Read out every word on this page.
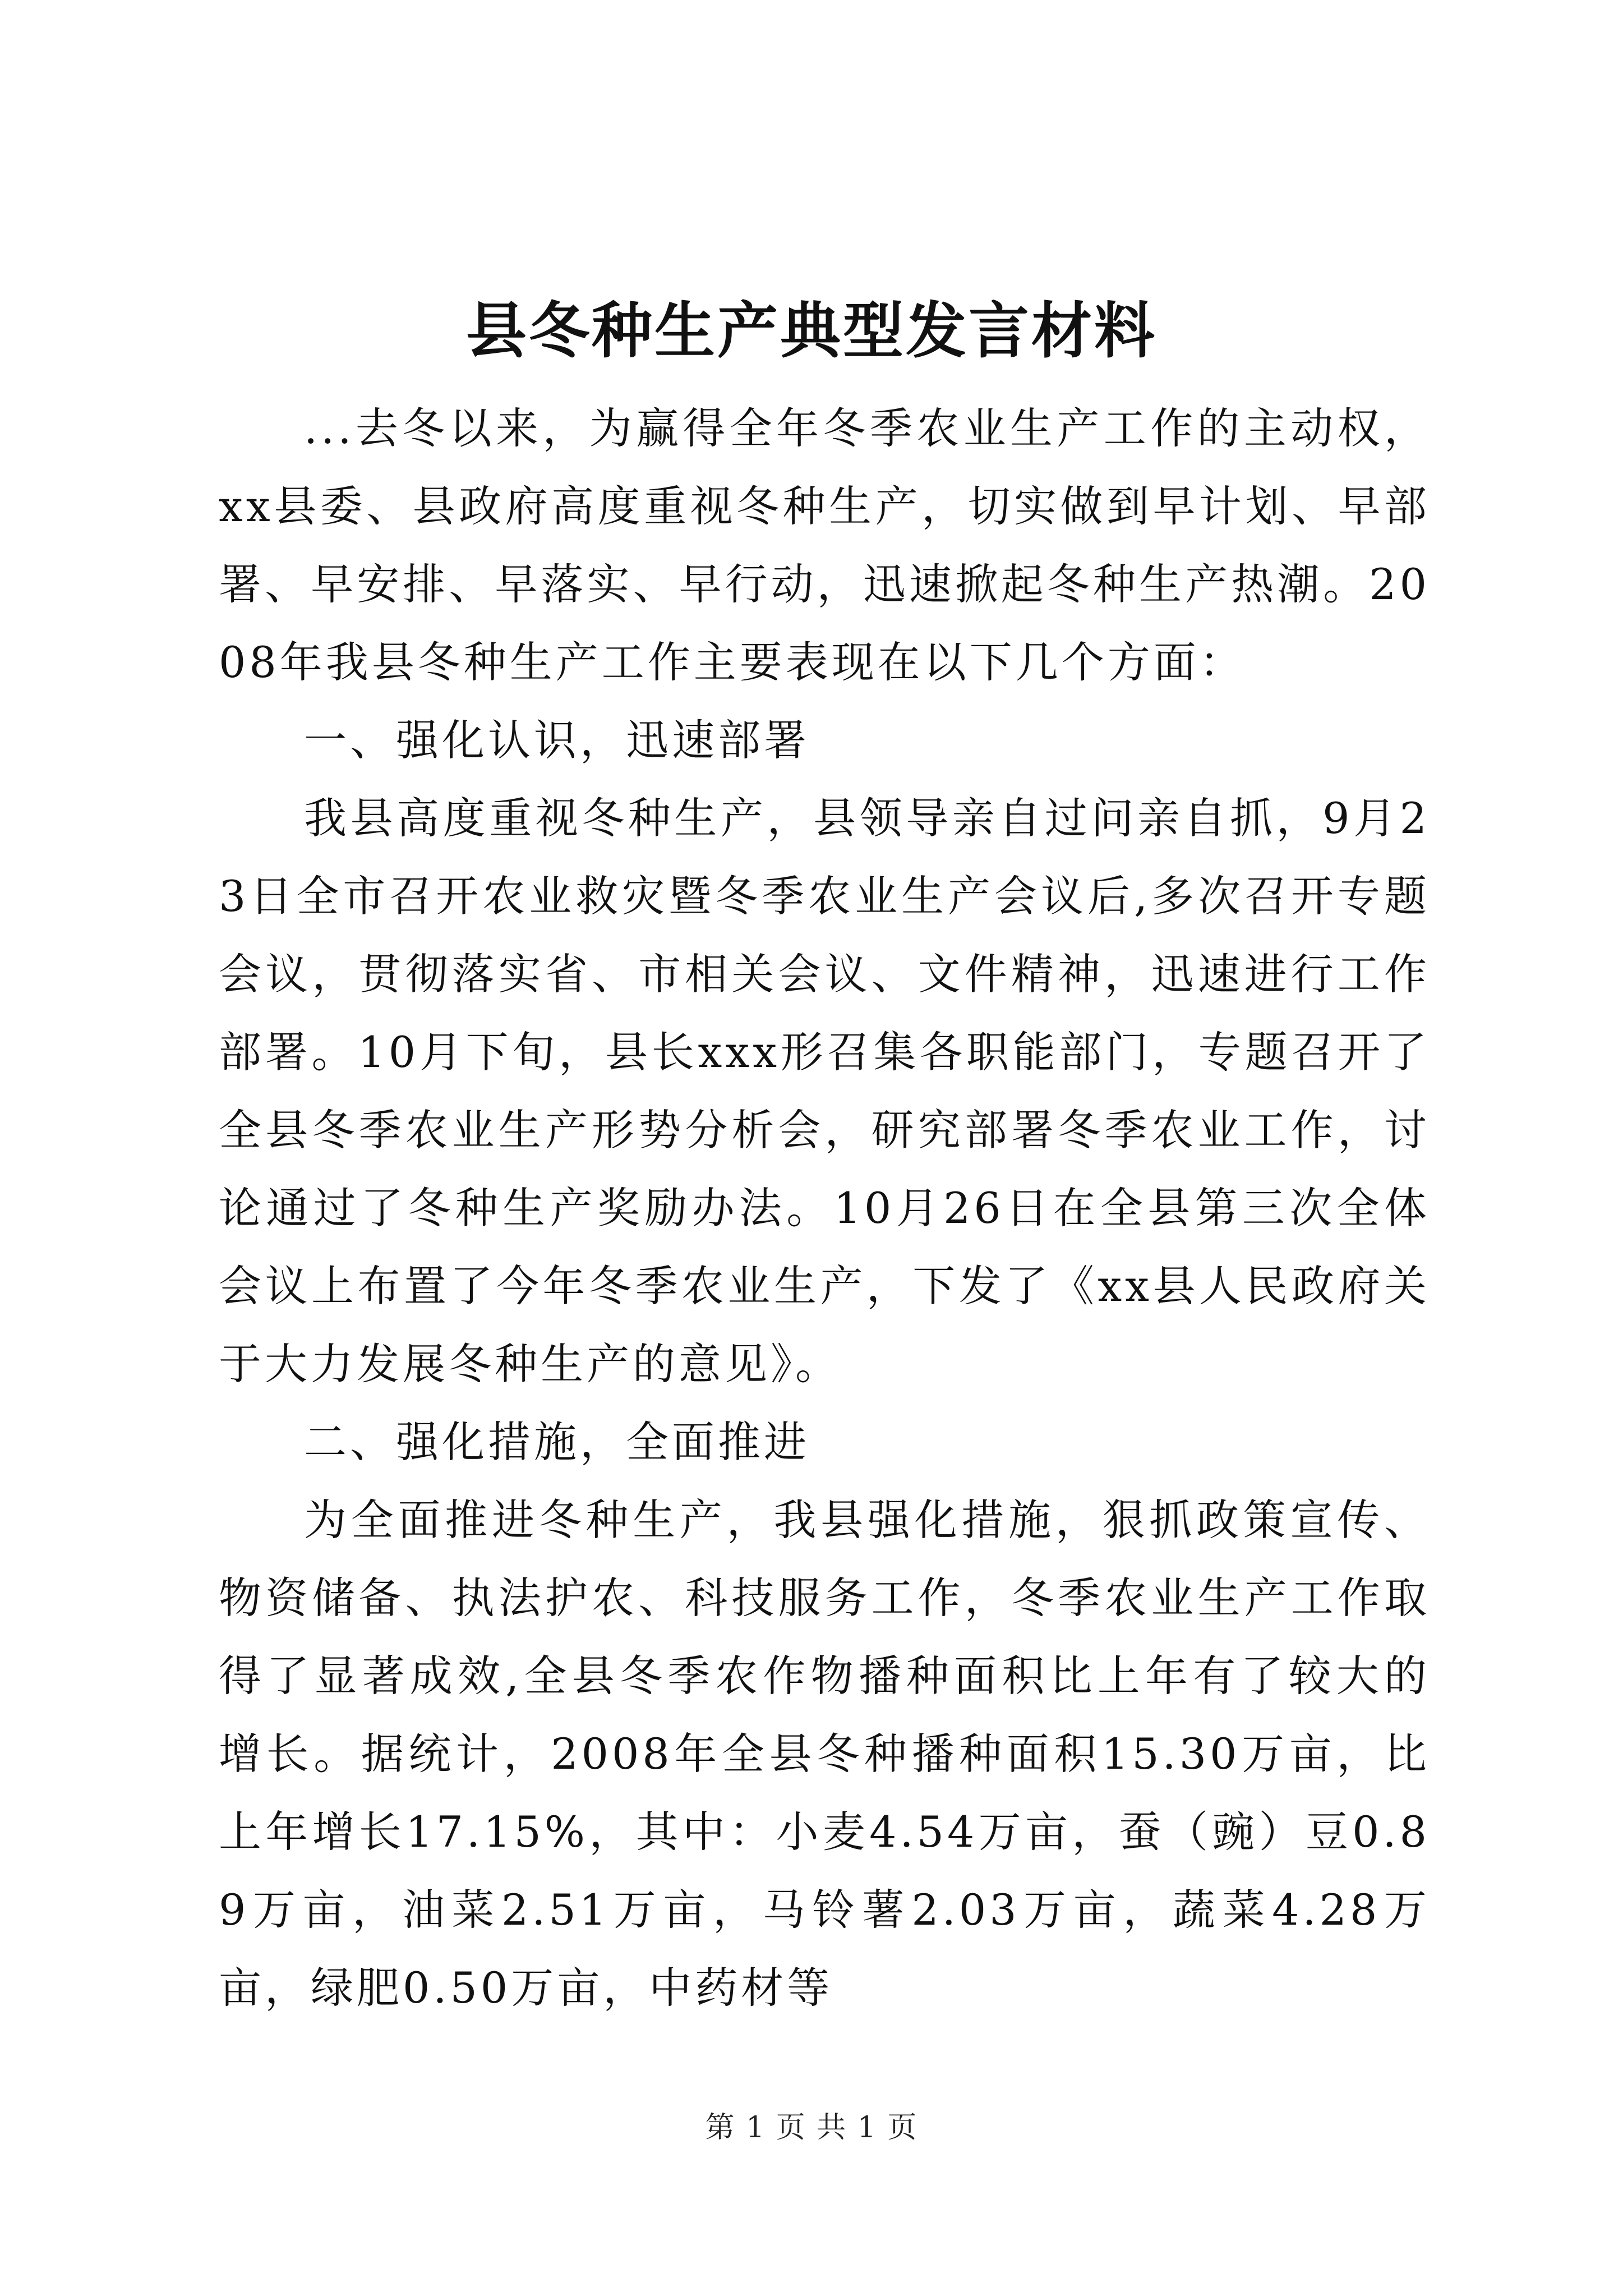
县冬种生产典型发言材料

...去冬以来，为赢得全年冬季农业生产工作的主动权，xx县委、县政府高度重视冬种生产，切实做到早计划、早部署、早安排、早落实、早行动，迅速掀起冬种生产热潮。2008年我县冬种生产工作主要表现在以下几个方面：

一、强化认识，迅速部署

我县高度重视冬种生产，县领导亲自过问亲自抓，9月23日全市召开农业救灾暨冬季农业生产会议后,多次召开专题会议，贯彻落实省、市相关会议、文件精神，迅速进行工作部署。10月下旬，县长xxx形召集各职能部门，专题召开了全县冬季农业生产形势分析会，研究部署冬季农业工作，讨论通过了冬种生产奖励办法。10月26日在全县第三次全体会议上布置了今年冬季农业生产，下发了《xx县人民政府关于大力发展冬种生产的意见》。

二、强化措施，全面推进

为全面推进冬种生产，我县强化措施，狠抓政策宣传、物资储备、执法护农、科技服务工作，冬季农业生产工作取得了显著成效,全县冬季农作物播种面积比上年有了较大的增长。据统计，2008年全县冬种播种面积15.30万亩，比上年增长17.15%，其中：小麦4.54万亩，蚕（豌）豆0.89万亩，油菜2.51万亩，马铃薯2.03万亩，蔬菜4.28万亩，绿肥0.50万亩，中药材等

第 1 页 共 1 页
